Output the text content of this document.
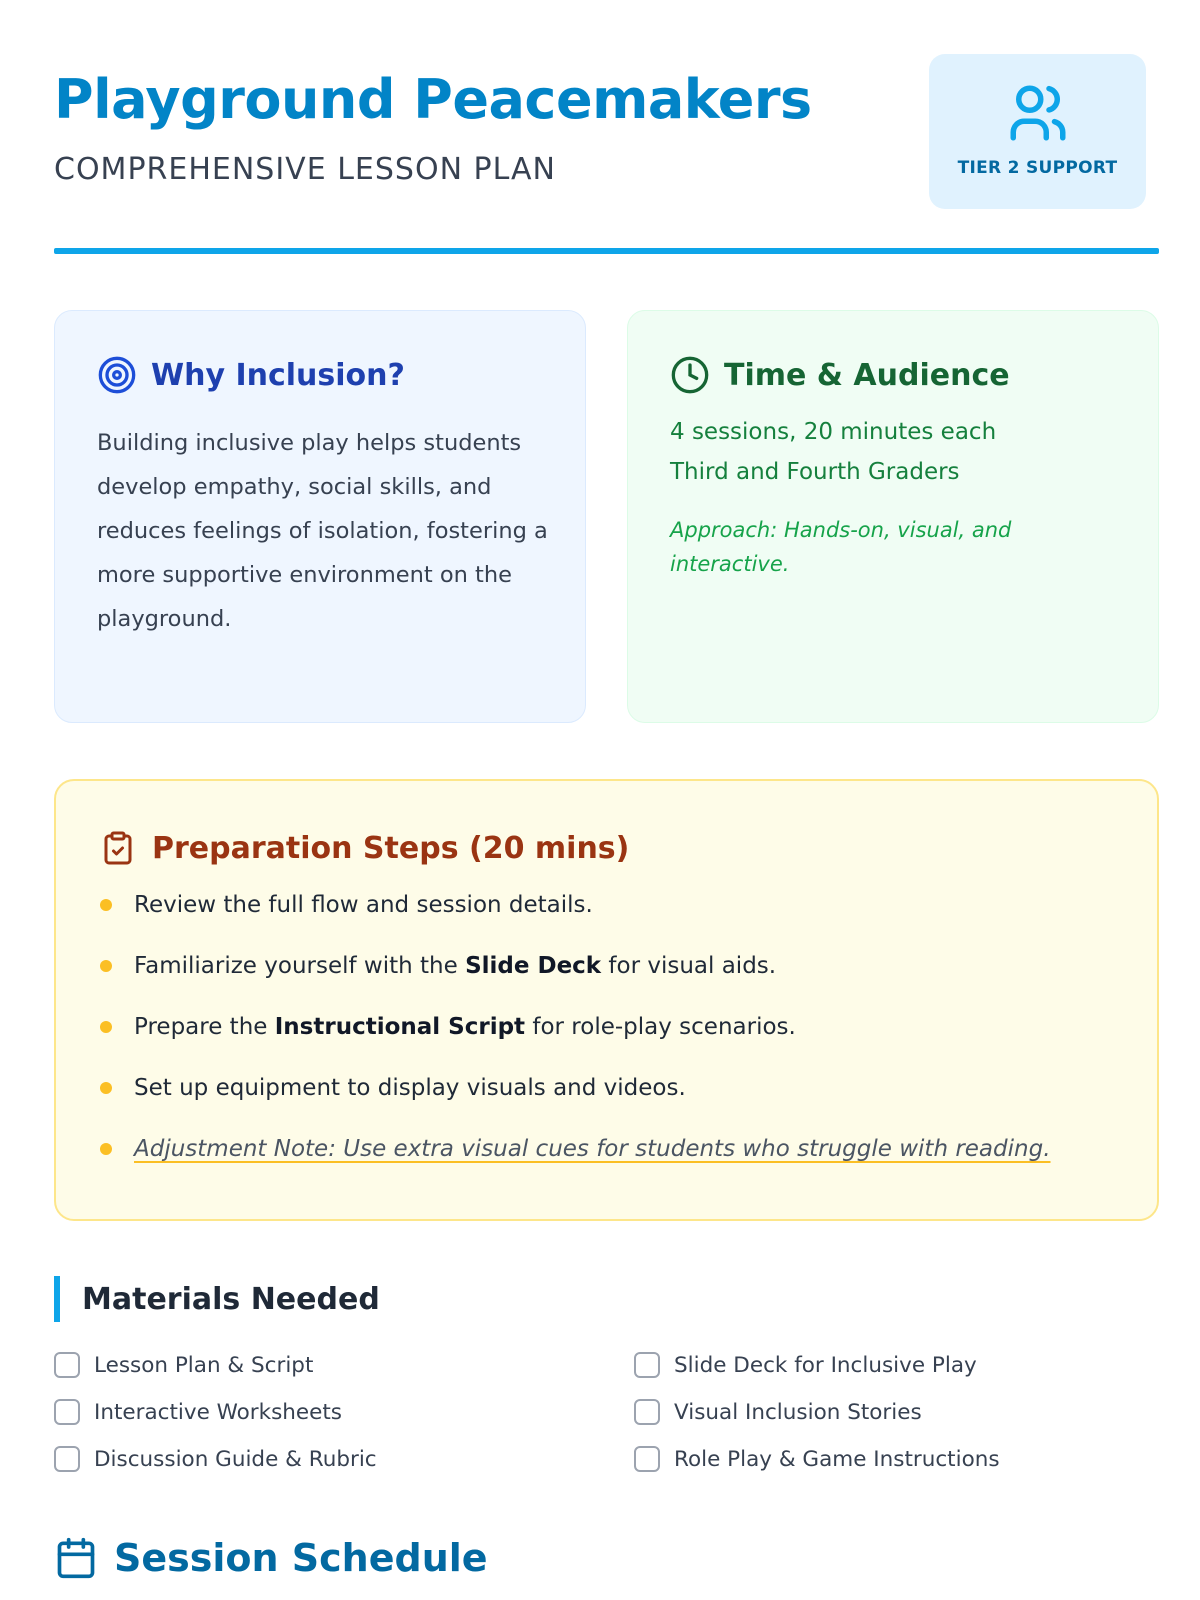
Playground Peacemakers
COMPREHENSIVE LESSON PLAN	TIER 2 SUPPORT
Why Inclusion?

Building inclusive play helps students develop empathy, social skills, and reduces feelings of isolation, fostering a more supportive environment on the playground.

Time & Audience
4 sessions, 20 minutes each
Third and Fourth Graders
Approach: Hands-on, visual, and interactive.
Preparation Steps (20 mins)
Review the full flow and session details.
Familiarize yourself with the Slide Deck for visual aids.
Prepare the Instructional Script for role-play scenarios.
Set up equipment to display visuals and videos.
Adjustment Note: Use extra visual cues for students who struggle with reading.
Materials Needed
Lesson Plan & Script	Slide Deck for Inclusive Play
Interactive Worksheets	Visual Inclusion Stories
Discussion Guide & Rubric	Role Play & Game Instructions
Session Schedule
